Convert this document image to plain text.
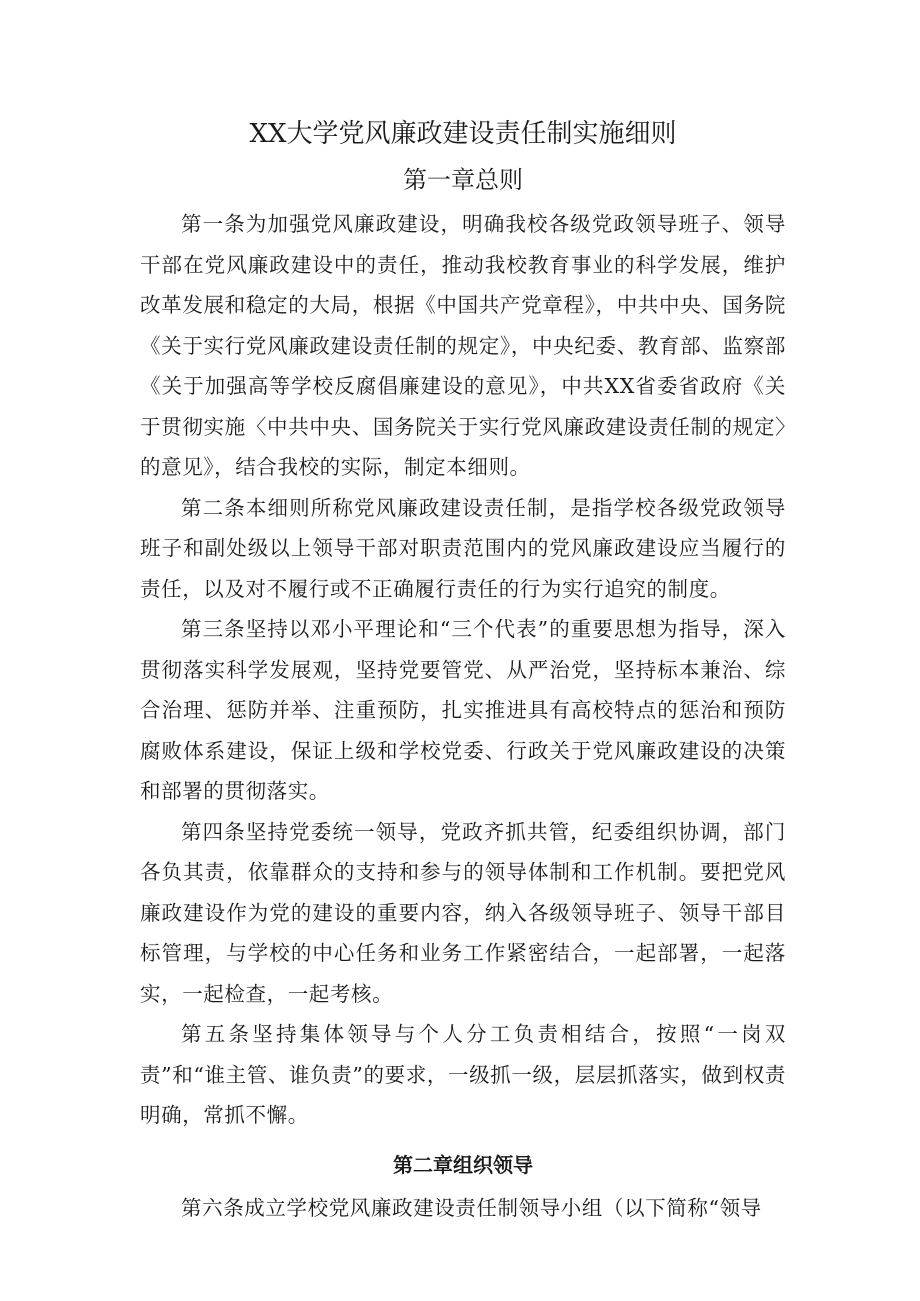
XX大学党风廉政建设责任制实施细则
第一章总则

第一条为加强党风廉政建设，明确我校各级党政领导班子、领导干部在党风廉政建设中的责任，推动我校教育事业的科学发展，维护改革发展和稳定的大局，根据《中国共产党章程》，中共中央、国务院《关于实行党风廉政建设责任制的规定》，中央纪委、教育部、监察部《关于加强高等学校反腐倡廉建设的意见》，中共XX省委省政府《关于贯彻实施〈中共中央、国务院关于实行党风廉政建设责任制的规定〉的意见》，结合我校的实际，制定本细则。

第二条本细则所称党风廉政建设责任制，是指学校各级党政领导班子和副处级以上领导干部对职责范围内的党风廉政建设应当履行的责任，以及对不履行或不正确履行责任的行为实行追究的制度。

第三条坚持以邓小平理论和“三个代表”的重要思想为指导，深入贯彻落实科学发展观，坚持党要管党、从严治党，坚持标本兼治、综合治理、惩防并举、注重预防，扎实推进具有高校特点的惩治和预防腐败体系建设，保证上级和学校党委、行政关于党风廉政建设的决策和部署的贯彻落实。

第四条坚持党委统一领导，党政齐抓共管，纪委组织协调，部门各负其责，依靠群众的支持和参与的领导体制和工作机制。要把党风廉政建设作为党的建设的重要内容，纳入各级领导班子、领导干部目标管理，与学校的中心任务和业务工作紧密结合，一起部署，一起落实，一起检查，一起考核。

第五条坚持集体领导与个人分工负责相结合，按照“一岗双责”和“谁主管、谁负责”的要求，一级抓一级，层层抓落实，做到权责明确，常抓不懈。

第二章组织领导

第六条成立学校党风廉政建设责任制领导小组（以下简称“领导
